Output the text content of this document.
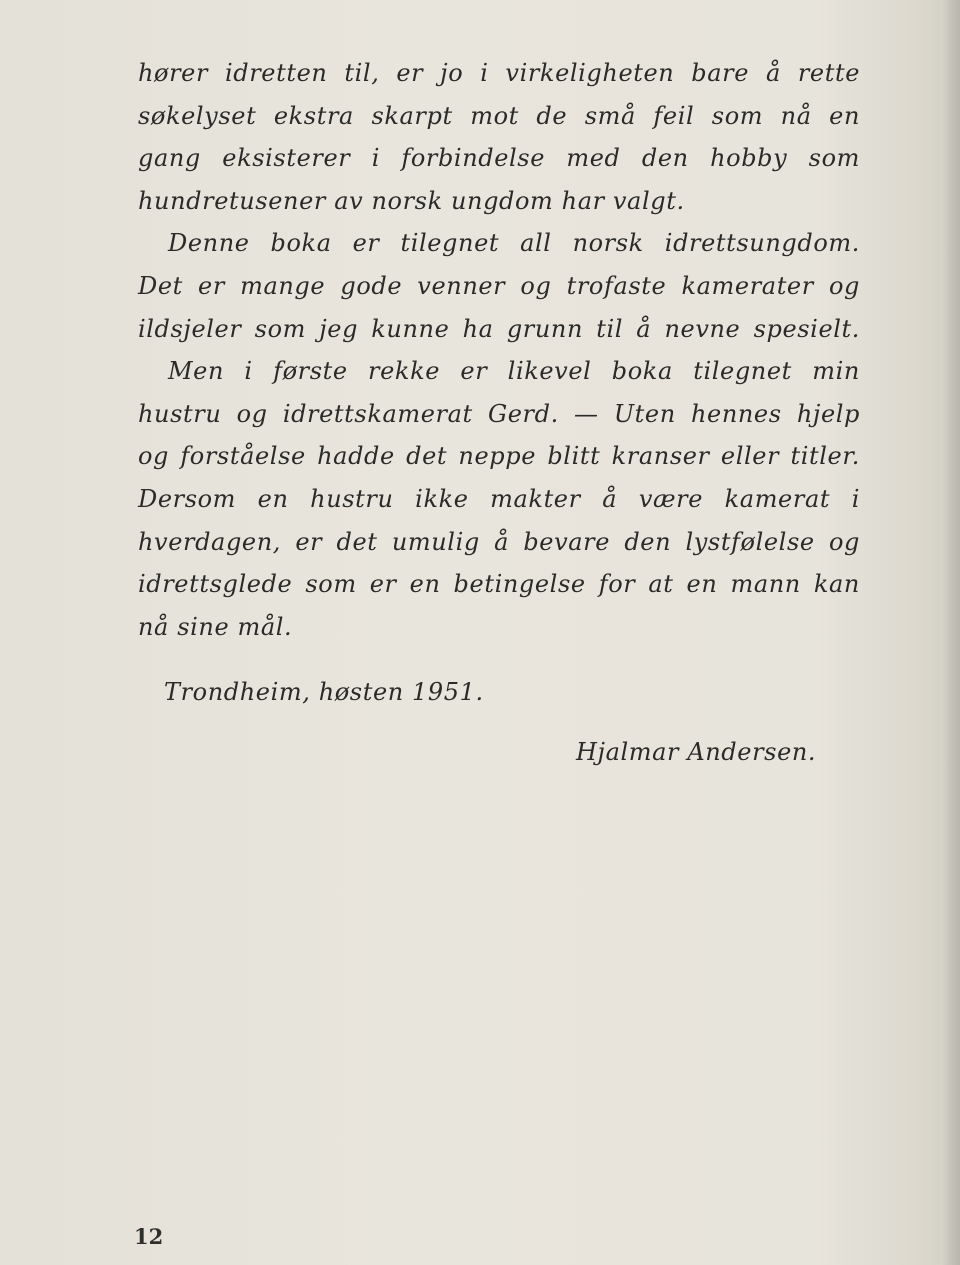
hører idretten til, er jo i virkeligheten bare å rette
søkelyset ekstra skarpt mot de små feil som nå en
gang eksisterer i forbindelse med den hobby som
hundretusener av norsk ungdom har valgt.
Denne boka er tilegnet all norsk idrettsungdom.
Det er mange gode venner og trofaste kamerater og
ildsjeler som jeg kunne ha grunn til å nevne spesielt.
Men i første rekke er likevel boka tilegnet min
hustru og idrettskamerat Gerd. — Uten hennes hjelp
og forståelse hadde det neppe blitt kranser eller titler.
Dersom en hustru ikke makter å være kamerat i
hverdagen, er det umulig å bevare den lystfølelse og
idrettsglede som er en betingelse for at en mann kan
nå sine mål.
Trondheim, høsten 1951.
Hjalmar Andersen.
12
